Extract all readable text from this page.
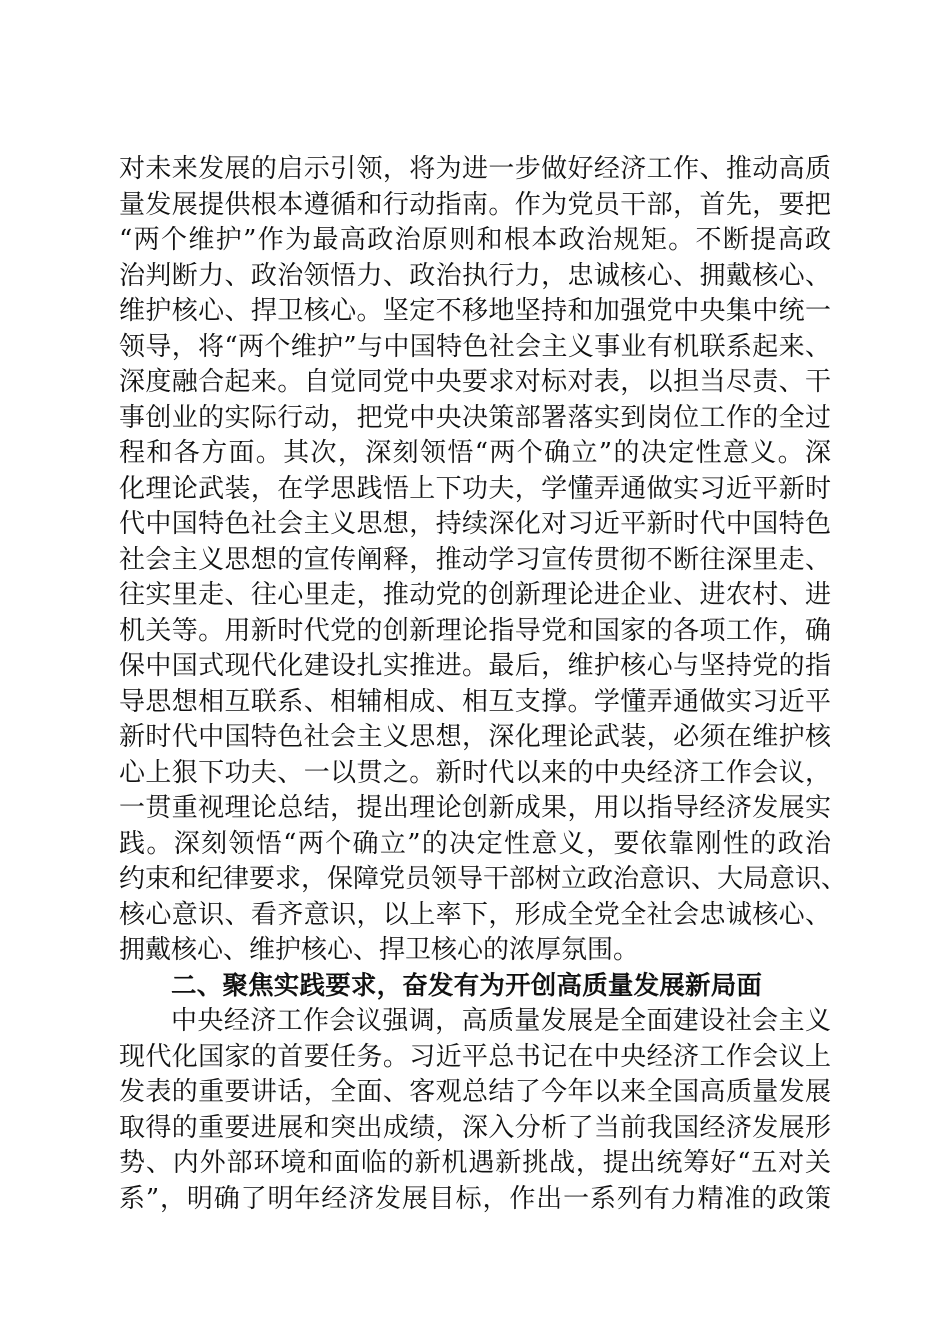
对未来发展的启示引领，将为进一步做好经济工作、推动高质
量发展提供根本遵循和行动指南。作为党员干部，首先，要把
“两个维护”作为最高政治原则和根本政治规矩。不断提高政
治判断力、政治领悟力、政治执行力，忠诚核心、拥戴核心、
维护核心、捍卫核心。坚定不移地坚持和加强党中央集中统一
领导，将“两个维护”与中国特色社会主义事业有机联系起来、
深度融合起来。自觉同党中央要求对标对表，以担当尽责、干
事创业的实际行动，把党中央决策部署落实到岗位工作的全过
程和各方面。其次，深刻领悟“两个确立”的决定性意义。深
化理论武装，在学思践悟上下功夫，学懂弄通做实习近平新时
代中国特色社会主义思想，持续深化对习近平新时代中国特色
社会主义思想的宣传阐释，推动学习宣传贯彻不断往深里走、
往实里走、往心里走，推动党的创新理论进企业、进农村、进
机关等。用新时代党的创新理论指导党和国家的各项工作，确
保中国式现代化建设扎实推进。最后，维护核心与坚持党的指
导思想相互联系、相辅相成、相互支撑。学懂弄通做实习近平
新时代中国特色社会主义思想，深化理论武装，必须在维护核
心上狠下功夫、一以贯之。新时代以来的中央经济工作会议，
一贯重视理论总结，提出理论创新成果，用以指导经济发展实
践。深刻领悟“两个确立”的决定性意义，要依靠刚性的政治
约束和纪律要求，保障党员领导干部树立政治意识、大局意识、
核心意识、看齐意识，以上率下，形成全党全社会忠诚核心、
拥戴核心、维护核心、捍卫核心的浓厚氛围。
二、聚焦实践要求，奋发有为开创高质量发展新局面
中央经济工作会议强调，高质量发展是全面建设社会主义
现代化国家的首要任务。习近平总书记在中央经济工作会议上
发表的重要讲话，全面、客观总结了今年以来全国高质量发展
取得的重要进展和突出成绩，深入分析了当前我国经济发展形
势、内外部环境和面临的新机遇新挑战，提出统筹好“五对关
系”，明确了明年经济发展目标，作出一系列有力精准的政策
